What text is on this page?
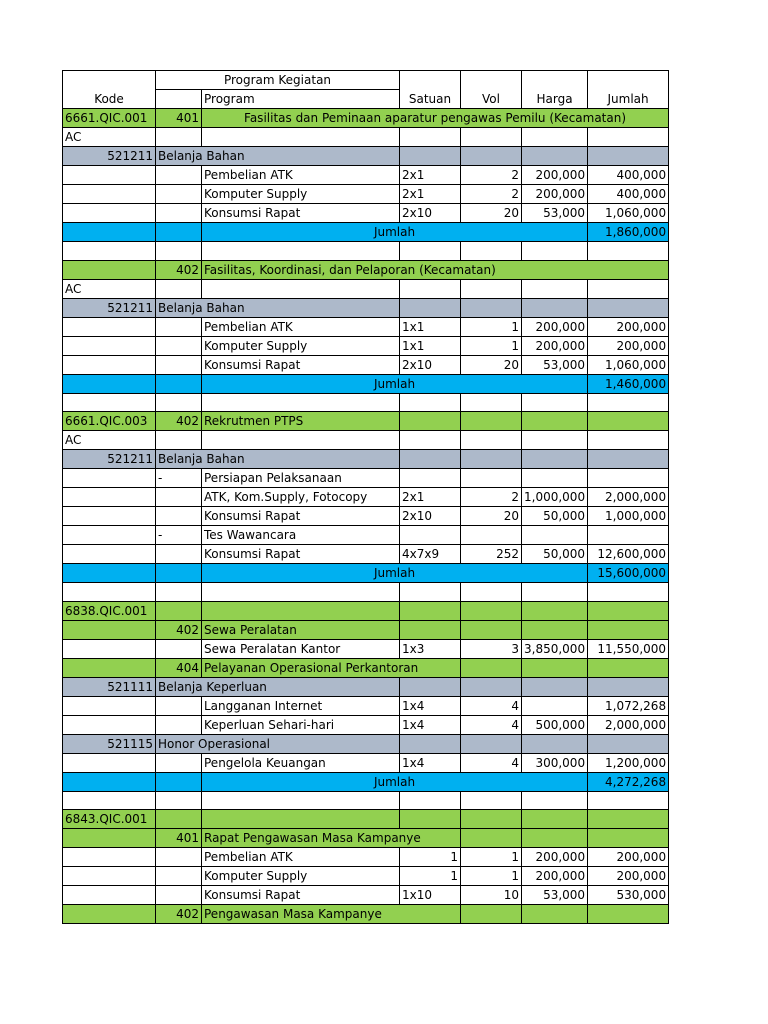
Kode	Program Kegiatan		Satuan	Vol	Harga	Jumlah
		Program				
6661.QIC.001	401	Fasilitas dan Peminaan aparatur pengawas Pemilu (Kecamatan)				
AC						
521211	Belanja Bahan					
		Pembelian ATK	2x1	2	200,000	400,000
		Komputer Supply	2x1	2	200,000	400,000
		Konsumsi Rapat	2x10	20	53,000	1,060,000
		Jumlah				1,860,000

	402	Fasilitas, Koordinasi, dan Pelaporan (Kecamatan)				
AC						
521211	Belanja Bahan					
		Pembelian ATK	1x1	1	200,000	200,000
		Komputer Supply	1x1	1	200,000	200,000
		Konsumsi Rapat	2x10	20	53,000	1,060,000
		Jumlah				1,460,000

6661.QIC.003	402	Rekrutmen PTPS				
AC						
521211	Belanja Bahan					
	-	Persiapan Pelaksanaan				
		ATK, Kom.Supply, Fotocopy	2x1	2	1,000,000	2,000,000
		Konsumsi Rapat	2x10	20	50,000	1,000,000
	-	Tes Wawancara				
		Konsumsi Rapat	4x7x9	252	50,000	12,600,000
		Jumlah				15,600,000

6838.QIC.001						
	402	Sewa Peralatan				
		Sewa Peralatan Kantor	1x3	3	3,850,000	11,550,000
	404	Pelayanan Operasional Perkantoran				
521111	Belanja Keperluan					
		Langganan Internet	1x4	4		1,072,268
		Keperluan Sehari-hari	1x4	4	500,000	2,000,000
521115	Honor Operasional					
		Pengelola Keuangan	1x4	4	300,000	1,200,000
		Jumlah				4,272,268

6843.QIC.001						
	401	Rapat Pengawasan Masa Kampanye				
		Pembelian ATK	1	1	200,000	200,000
		Komputer Supply	1	1	200,000	200,000
		Konsumsi Rapat	1x10	10	53,000	530,000
	402	Pengawasan Masa Kampanye				
